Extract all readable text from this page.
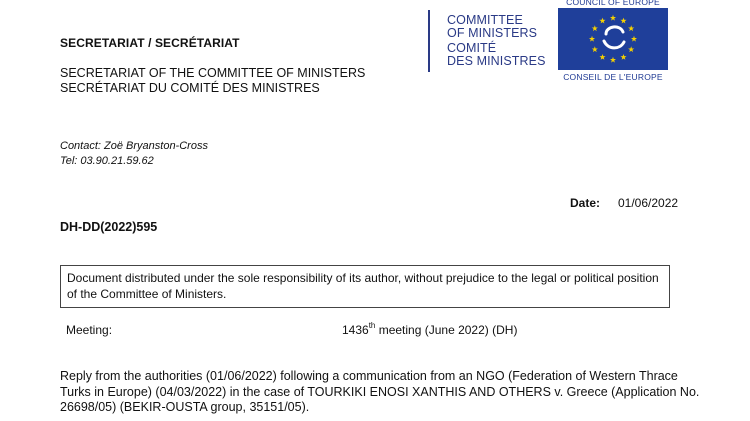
SECRETARIAT / SECRÉTARIAT
SECRETARIAT OF THE COMMITTEE OF MINISTERS
SECRÉTARIAT DU COMITÉ DES MINISTRES
COMMITTEE
OF MINISTERS
COMITÉ
DES MINISTRES
COUNCIL OF EUROPE
CONSEIL DE L'EUROPE
Contact: Zoë Bryanston-Cross
Tel: 03.90.21.59.62
Date: 01/06/2022
DH-DD(2022)595
Document distributed under the sole responsibility of its author, without prejudice to the legal or political position of the Committee of Ministers.
Meeting:	1436th meeting (June 2022) (DH)
Reply from the authorities (01/06/2022) following a communication from an NGO (Federation of Western Thrace Turks in Europe) (04/03/2022) in the case of TOURKIKI ENOSI XANTHIS AND OTHERS v. Greece (Application No. 26698/05) (BEKIR-OUSTA group, 35151/05).
